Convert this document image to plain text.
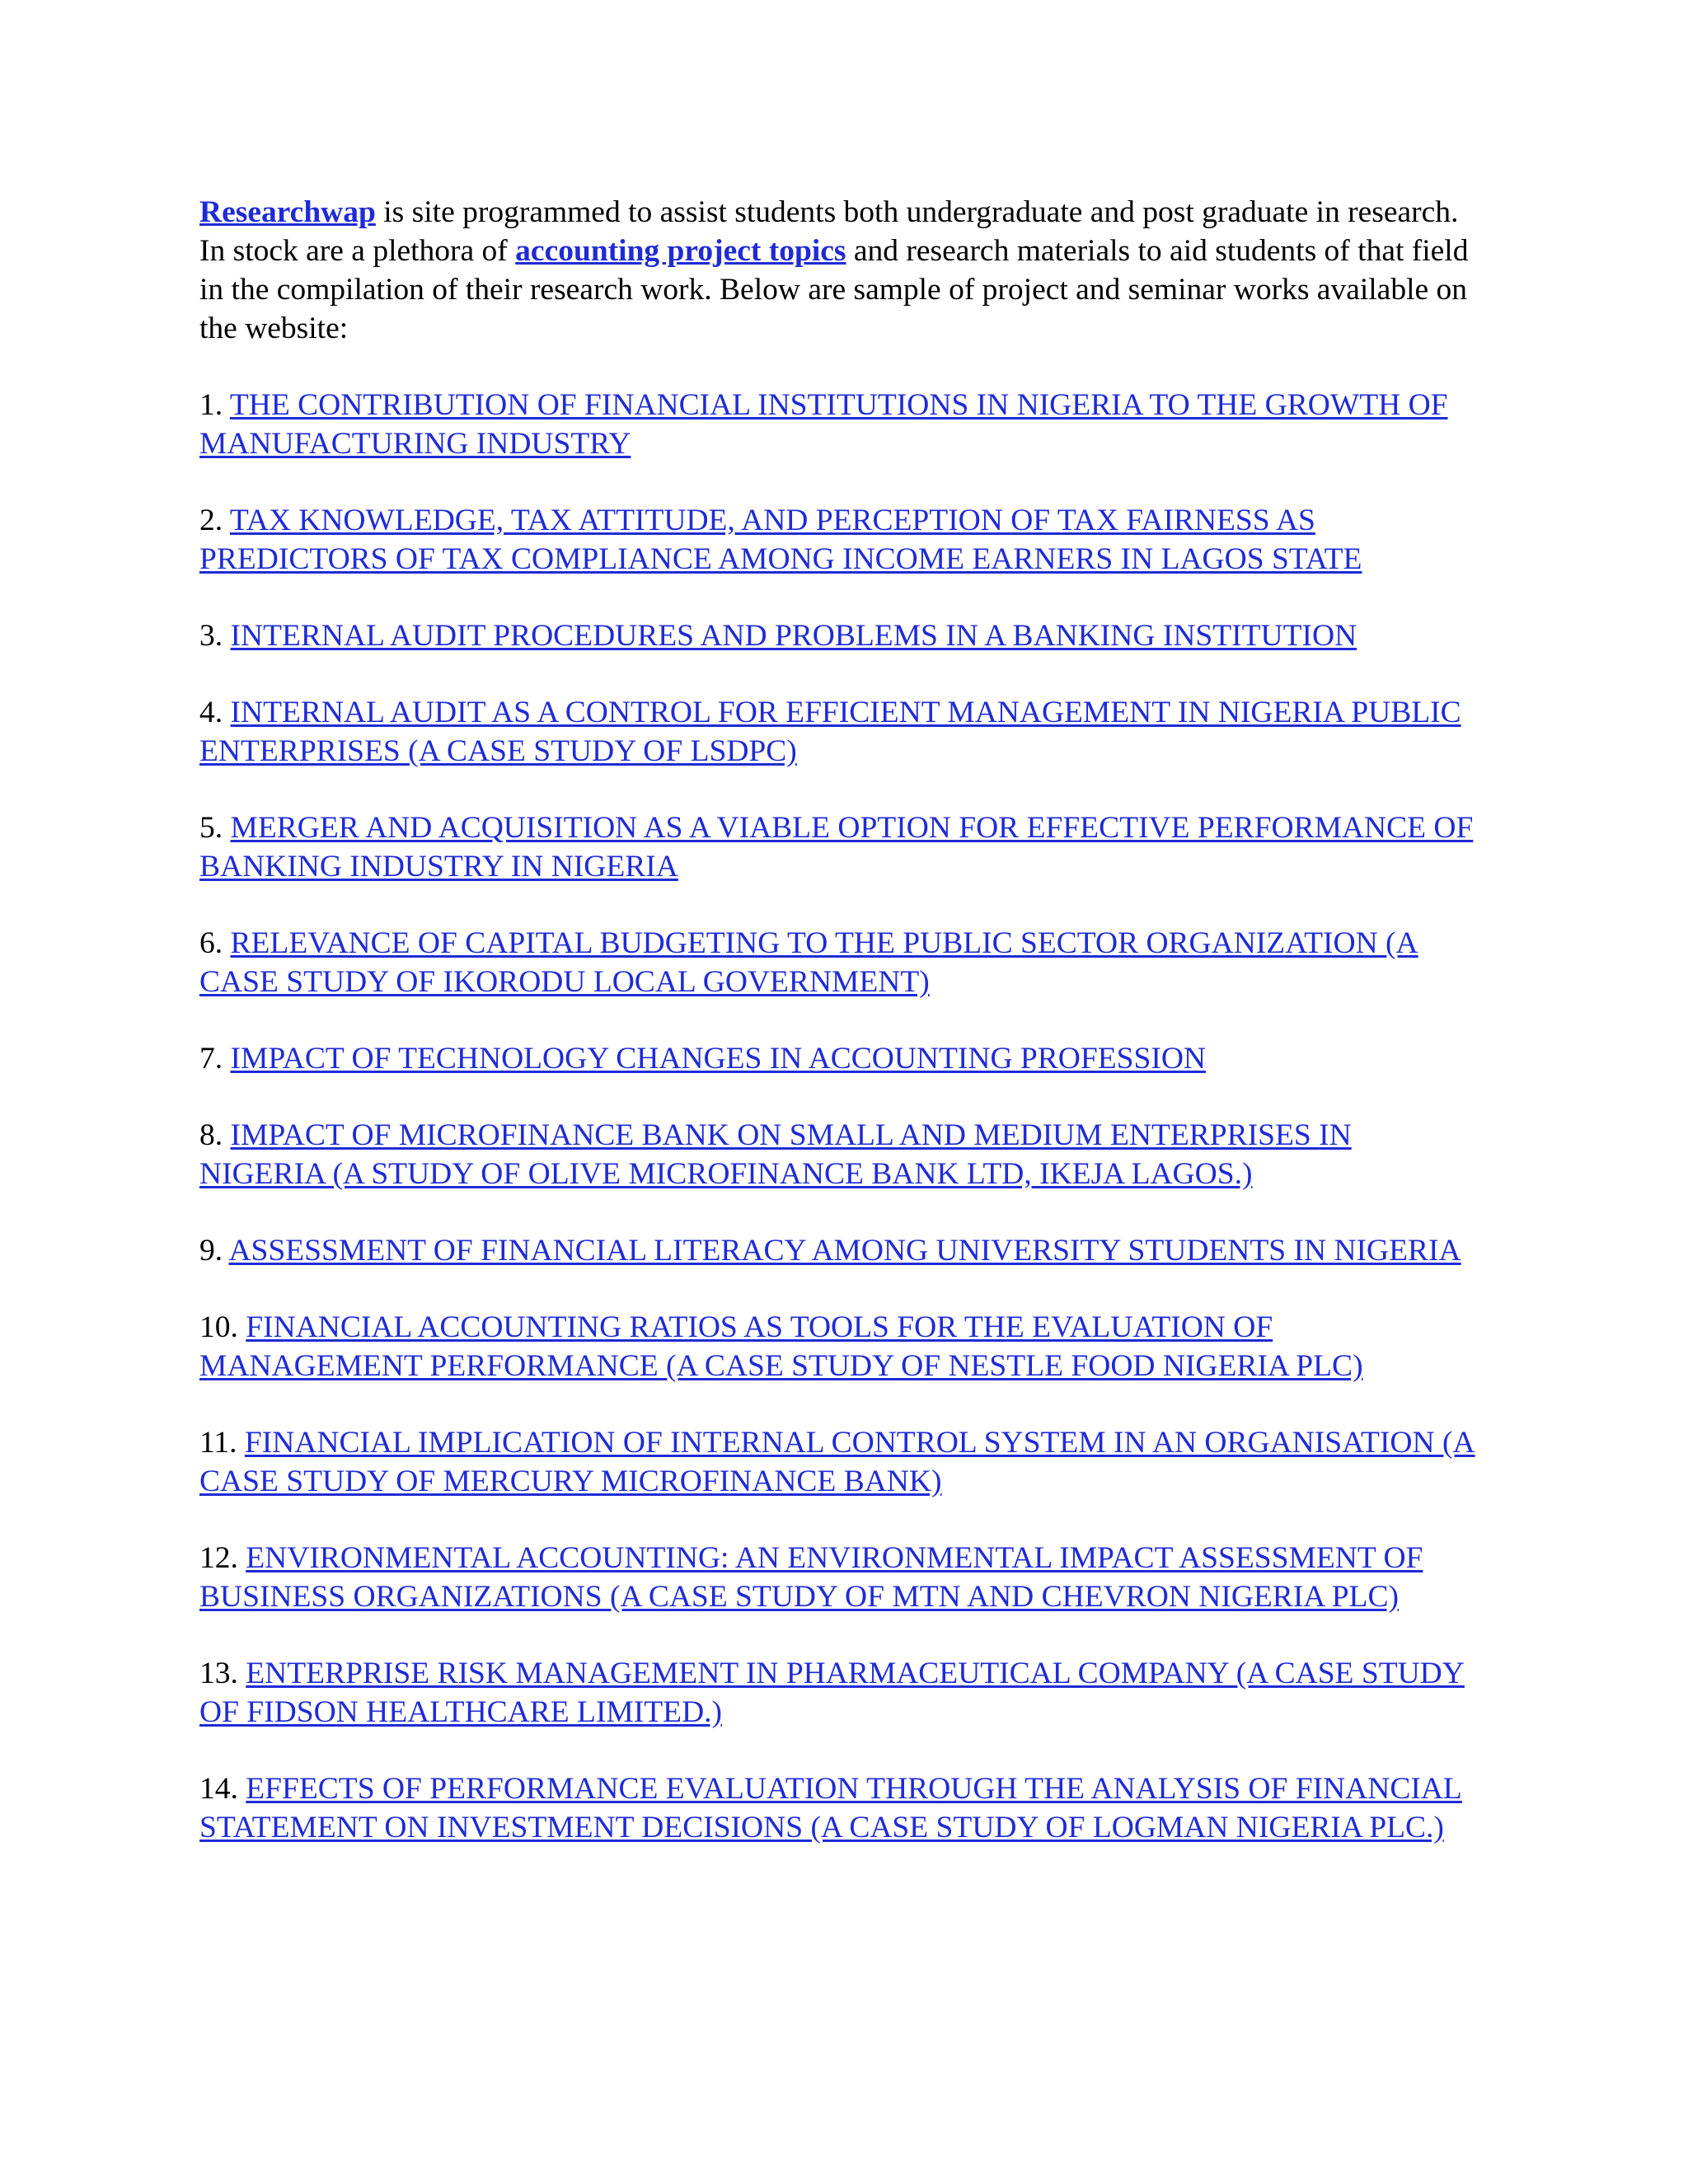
Researchwap is site programmed to assist students both undergraduate and post graduate in research. In stock are a plethora of accounting project topics and research materials to aid students of that field in the compilation of their research work. Below are sample of project and seminar works available on the website:

1. THE CONTRIBUTION OF FINANCIAL INSTITUTIONS IN NIGERIA TO THE GROWTH OF MANUFACTURING INDUSTRY

2. TAX KNOWLEDGE, TAX ATTITUDE, AND PERCEPTION OF TAX FAIRNESS AS PREDICTORS OF TAX COMPLIANCE AMONG INCOME EARNERS IN LAGOS STATE

3. INTERNAL AUDIT PROCEDURES AND PROBLEMS IN A BANKING INSTITUTION

4. INTERNAL AUDIT AS A CONTROL FOR EFFICIENT MANAGEMENT IN NIGERIA PUBLIC ENTERPRISES (A CASE STUDY OF LSDPC)

5. MERGER AND ACQUISITION AS A VIABLE OPTION FOR EFFECTIVE PERFORMANCE OF BANKING INDUSTRY IN NIGERIA

6. RELEVANCE OF CAPITAL BUDGETING TO THE PUBLIC SECTOR ORGANIZATION (A CASE STUDY OF IKORODU LOCAL GOVERNMENT)

7. IMPACT OF TECHNOLOGY CHANGES IN ACCOUNTING PROFESSION

8. IMPACT OF MICROFINANCE BANK ON SMALL AND MEDIUM ENTERPRISES IN NIGERIA (A STUDY OF OLIVE MICROFINANCE BANK LTD, IKEJA LAGOS.)

9. ASSESSMENT OF FINANCIAL LITERACY AMONG UNIVERSITY STUDENTS IN NIGERIA

10. FINANCIAL ACCOUNTING RATIOS AS TOOLS FOR THE EVALUATION OF MANAGEMENT PERFORMANCE (A CASE STUDY OF NESTLE FOOD NIGERIA PLC)

11. FINANCIAL IMPLICATION OF INTERNAL CONTROL SYSTEM IN AN ORGANISATION (A CASE STUDY OF MERCURY MICROFINANCE BANK)

12. ENVIRONMENTAL ACCOUNTING: AN ENVIRONMENTAL IMPACT ASSESSMENT OF BUSINESS ORGANIZATIONS (A CASE STUDY OF MTN AND CHEVRON NIGERIA PLC)

13. ENTERPRISE RISK MANAGEMENT IN PHARMACEUTICAL COMPANY (A CASE STUDY OF FIDSON HEALTHCARE LIMITED.)

14. EFFECTS OF PERFORMANCE EVALUATION THROUGH THE ANALYSIS OF FINANCIAL STATEMENT ON INVESTMENT DECISIONS (A CASE STUDY OF LOGMAN NIGERIA PLC.)
